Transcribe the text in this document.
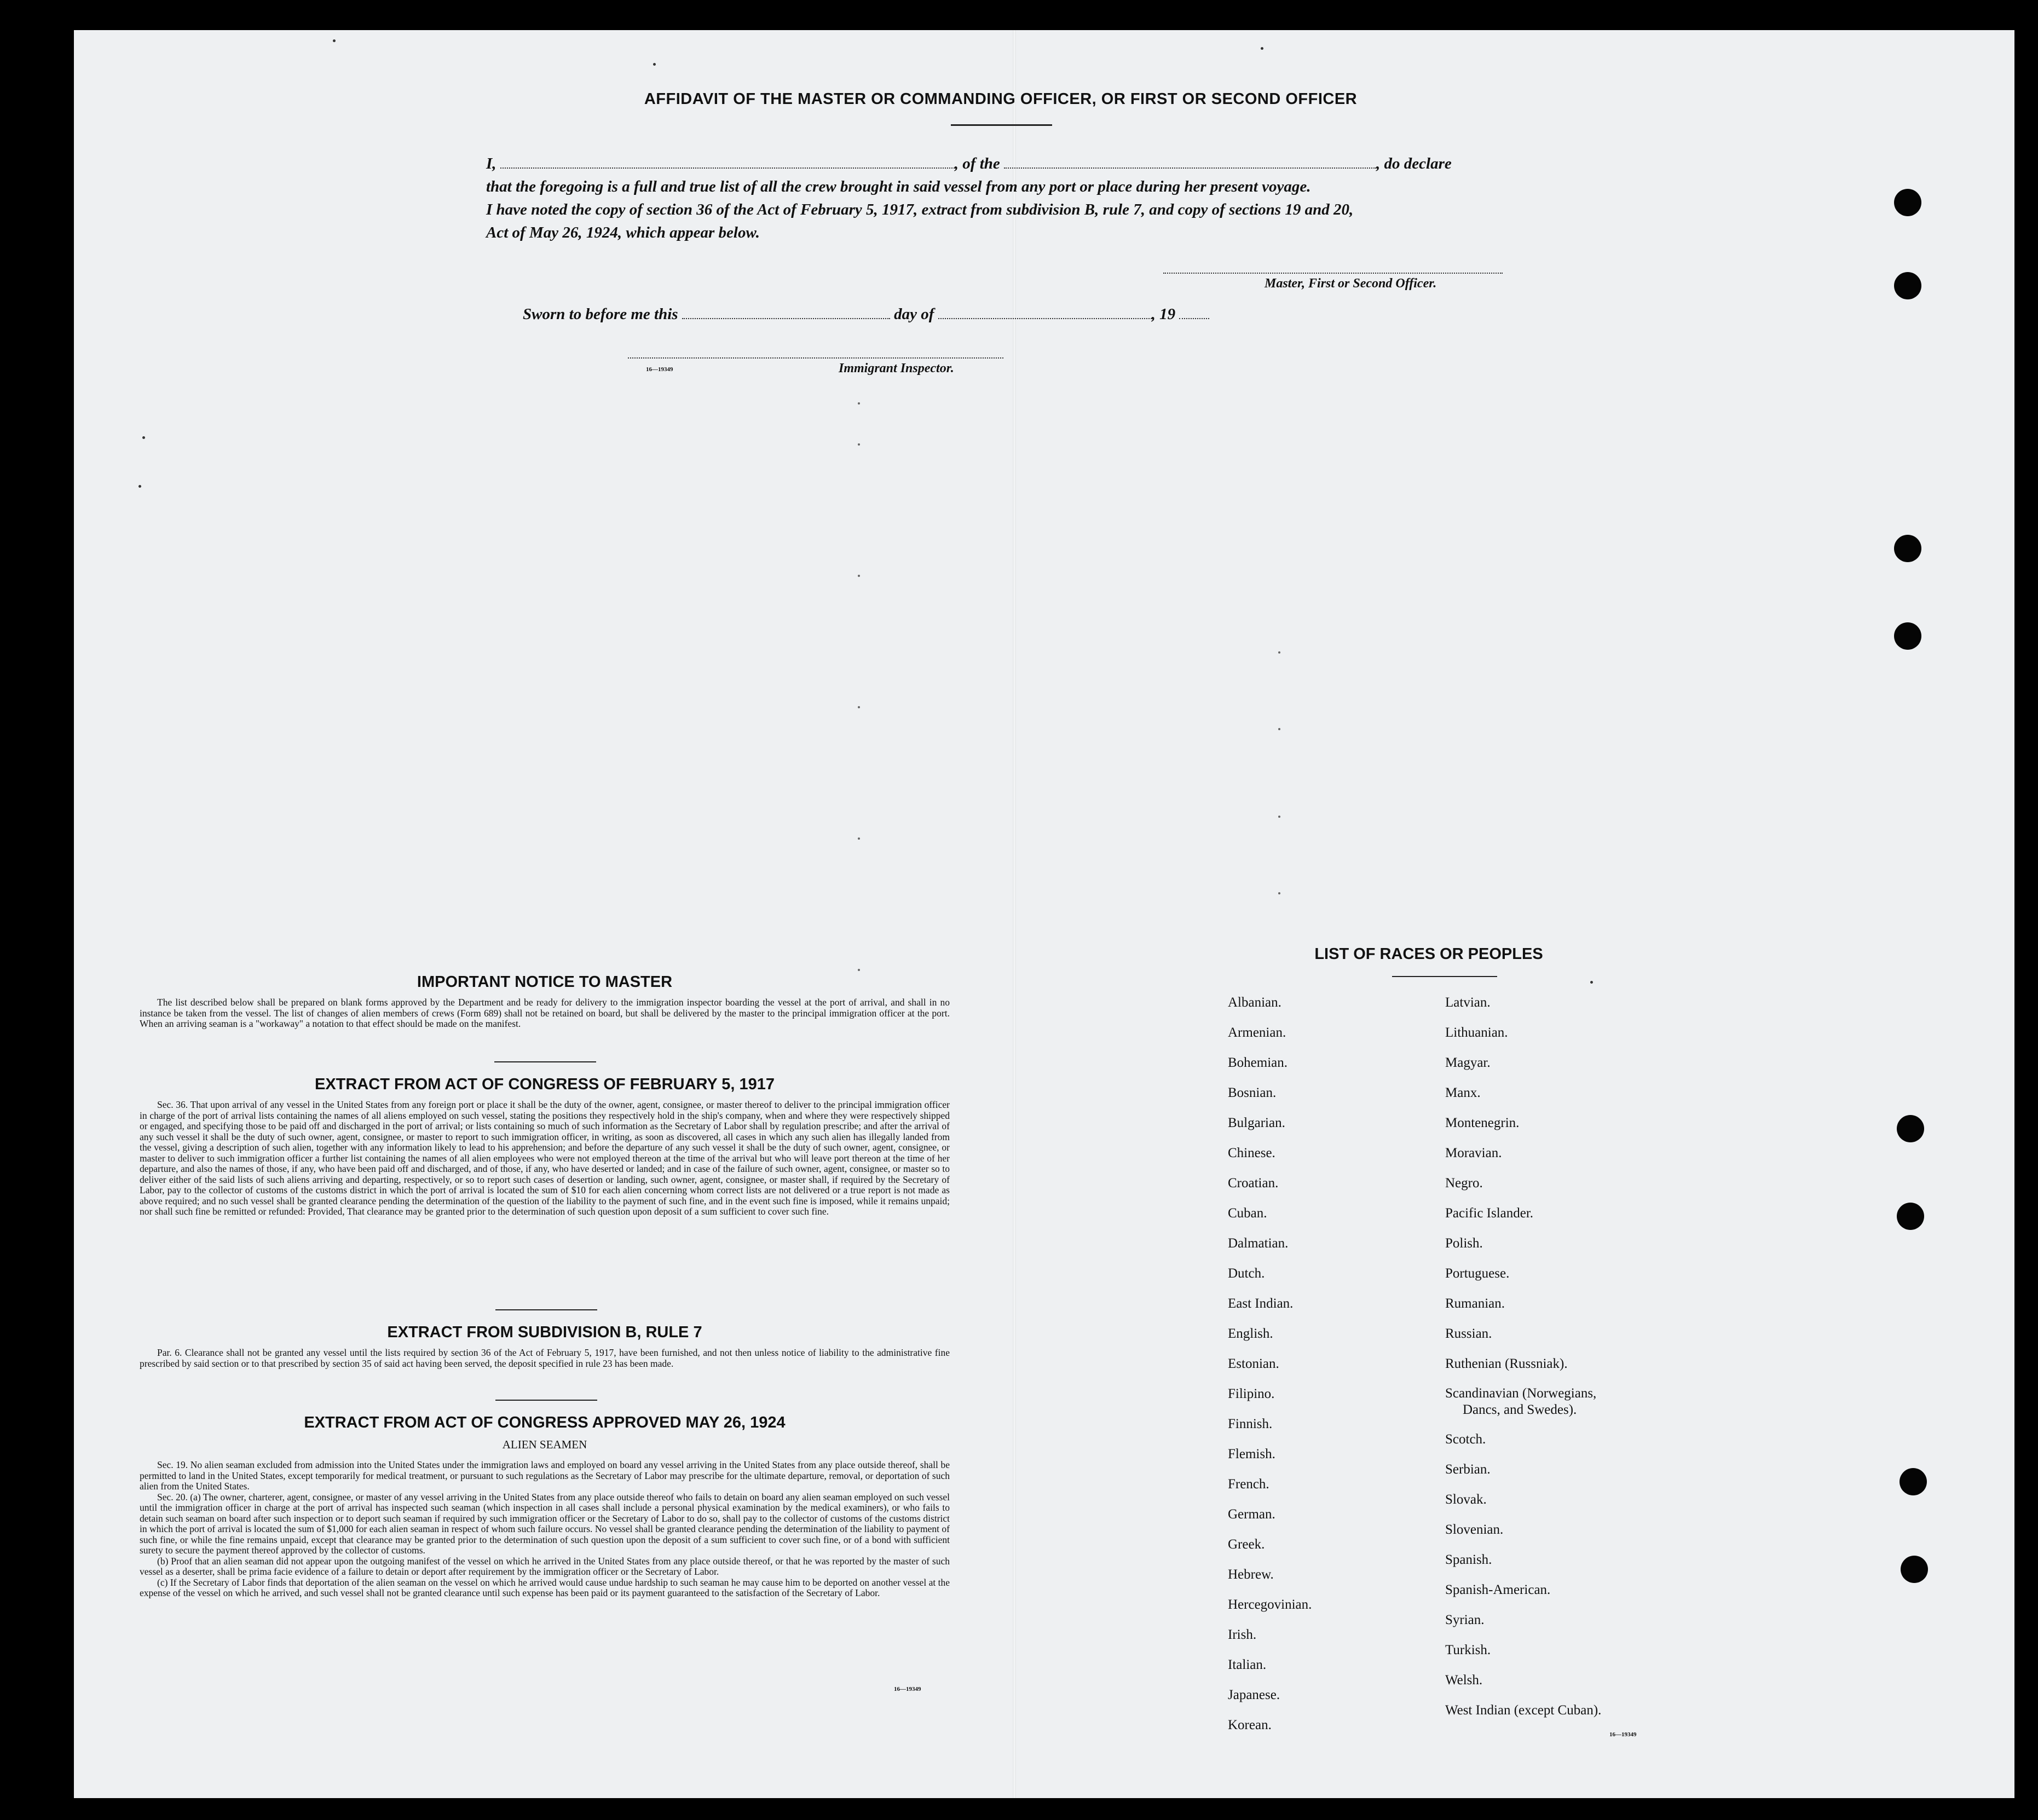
AFFIDAVIT OF THE MASTER OR COMMANDING OFFICER, OR FIRST OR SECOND OFFICER
I,	, of the	, do declare
that the foregoing is a full and true list of all the crew brought in said vessel from any port or place during her present voyage.
I have noted the copy of section 36 of the Act of February 5, 1917, extract from subdivision B, rule 7, and copy of sections 19 and 20,
Act of May 26, 1924, which appear below.
Master, First or Second Officer.
Sworn to before me this	day of	, 19
16—19349	Immigrant Inspector.
IMPORTANT NOTICE TO MASTER
The list described below shall be prepared on blank forms approved by the Department and be ready for delivery to the immigration inspector boarding the vessel at the port of arrival, and shall in no instance be taken from the vessel. The list of changes of alien members of crews (Form 689) shall not be retained on board, but shall be delivered by the master to the principal immigration officer at the port. When an arriving seaman is a "workaway" a notation to that effect should be made on the manifest.
EXTRACT FROM ACT OF CONGRESS OF FEBRUARY 5, 1917
Sec. 36. That upon arrival of any vessel in the United States from any foreign port or place it shall be the duty of the owner, agent, consignee, or master thereof to deliver to the principal immigration officer in charge of the port of arrival lists containing the names of all aliens employed on such vessel, stating the positions they respectively hold in the ship's company, when and where they were respectively shipped or engaged, and specifying those to be paid off and discharged in the port of arrival; or lists containing so much of such information as the Secretary of Labor shall by regulation prescribe; and after the arrival of any such vessel it shall be the duty of such owner, agent, consignee, or master to report to such immigration officer, in writing, as soon as discovered, all cases in which any such alien has illegally landed from the vessel, giving a description of such alien, together with any information likely to lead to his apprehension; and before the departure of any such vessel it shall be the duty of such owner, agent, consignee, or master to deliver to such immigration officer a further list containing the names of all alien employees who were not employed thereon at the time of the arrival but who will leave port thereon at the time of her departure, and also the names of those, if any, who have been paid off and discharged, and of those, if any, who have deserted or landed; and in case of the failure of such owner, agent, consignee, or master so to deliver either of the said lists of such aliens arriving and departing, respectively, or so to report such cases of desertion or landing, such owner, agent, consignee, or master shall, if required by the Secretary of Labor, pay to the collector of customs of the customs district in which the port of arrival is located the sum of $10 for each alien concerning whom correct lists are not delivered or a true report is not made as above required; and no such vessel shall be granted clearance pending the determination of the question of the liability to the payment of such fine, and in the event such fine is imposed, while it remains unpaid; nor shall such fine be remitted or refunded: Provided, That clearance may be granted prior to the determination of such question upon deposit of a sum sufficient to cover such fine.
EXTRACT FROM SUBDIVISION B, RULE 7
Par. 6. Clearance shall not be granted any vessel until the lists required by section 36 of the Act of February 5, 1917, have been furnished, and not then unless notice of liability to the administrative fine prescribed by said section or to that prescribed by section 35 of said act having been served, the deposit specified in rule 23 has been made.
EXTRACT FROM ACT OF CONGRESS APPROVED MAY 26, 1924
ALIEN SEAMEN
Sec. 19. No alien seaman excluded from admission into the United States under the immigration laws and employed on board any vessel arriving in the United States from any place outside thereof, shall be permitted to land in the United States, except temporarily for medical treatment, or pursuant to such regulations as the Secretary of Labor may prescribe for the ultimate departure, removal, or deportation of such alien from the United States.
Sec. 20. (a) The owner, charterer, agent, consignee, or master of any vessel arriving in the United States from any place outside thereof who fails to detain on board any alien seaman employed on such vessel until the immigration officer in charge at the port of arrival has inspected such seaman (which inspection in all cases shall include a personal physical examination by the medical examiners), or who fails to detain such seaman on board after such inspection or to deport such seaman if required by such immigration officer or the Secretary of Labor to do so, shall pay to the collector of customs of the customs district in which the port of arrival is located the sum of $1,000 for each alien seaman in respect of whom such failure occurs. No vessel shall be granted clearance pending the determination of the liability to payment of such fine, or while the fine remains unpaid, except that clearance may be granted prior to the determination of such question upon the deposit of a sum sufficient to cover such fine, or of a bond with sufficient surety to secure the payment thereof approved by the collector of customs.
(b) Proof that an alien seaman did not appear upon the outgoing manifest of the vessel on which he arrived in the United States from any place outside thereof, or that he was reported by the master of such vessel as a deserter, shall be prima facie evidence of a failure to detain or deport after requirement by the immigration officer or the Secretary of Labor.
(c) If the Secretary of Labor finds that deportation of the alien seaman on the vessel on which he arrived would cause undue hardship to such seaman he may cause him to be deported on another vessel at the expense of the vessel on which he arrived, and such vessel shall not be granted clearance until such expense has been paid or its payment guaranteed to the satisfaction of the Secretary of Labor.
16—19349
LIST OF RACES OR PEOPLES
Albanian.
Armenian.
Bohemian.
Bosnian.
Bulgarian.
Chinese.
Croatian.
Cuban.
Dalmatian.
Dutch.
East Indian.
English.
Estonian.
Filipino.
Finnish.
Flemish.
French.
German.
Greek.
Hebrew.
Hercegovinian.
Irish.
Italian.
Japanese.
Korean.
Latvian.
Lithuanian.
Magyar.
Manx.
Montenegrin.
Moravian.
Negro.
Pacific Islander.
Polish.
Portuguese.
Rumanian.
Russian.
Ruthenian (Russniak).
Scandinavian (Norwegians,
Dancs, and Swedes).
Scotch.
Serbian.
Slovak.
Slovenian.
Spanish.
Spanish-American.
Syrian.
Turkish.
Welsh.
West Indian (except Cuban).
16—19349
